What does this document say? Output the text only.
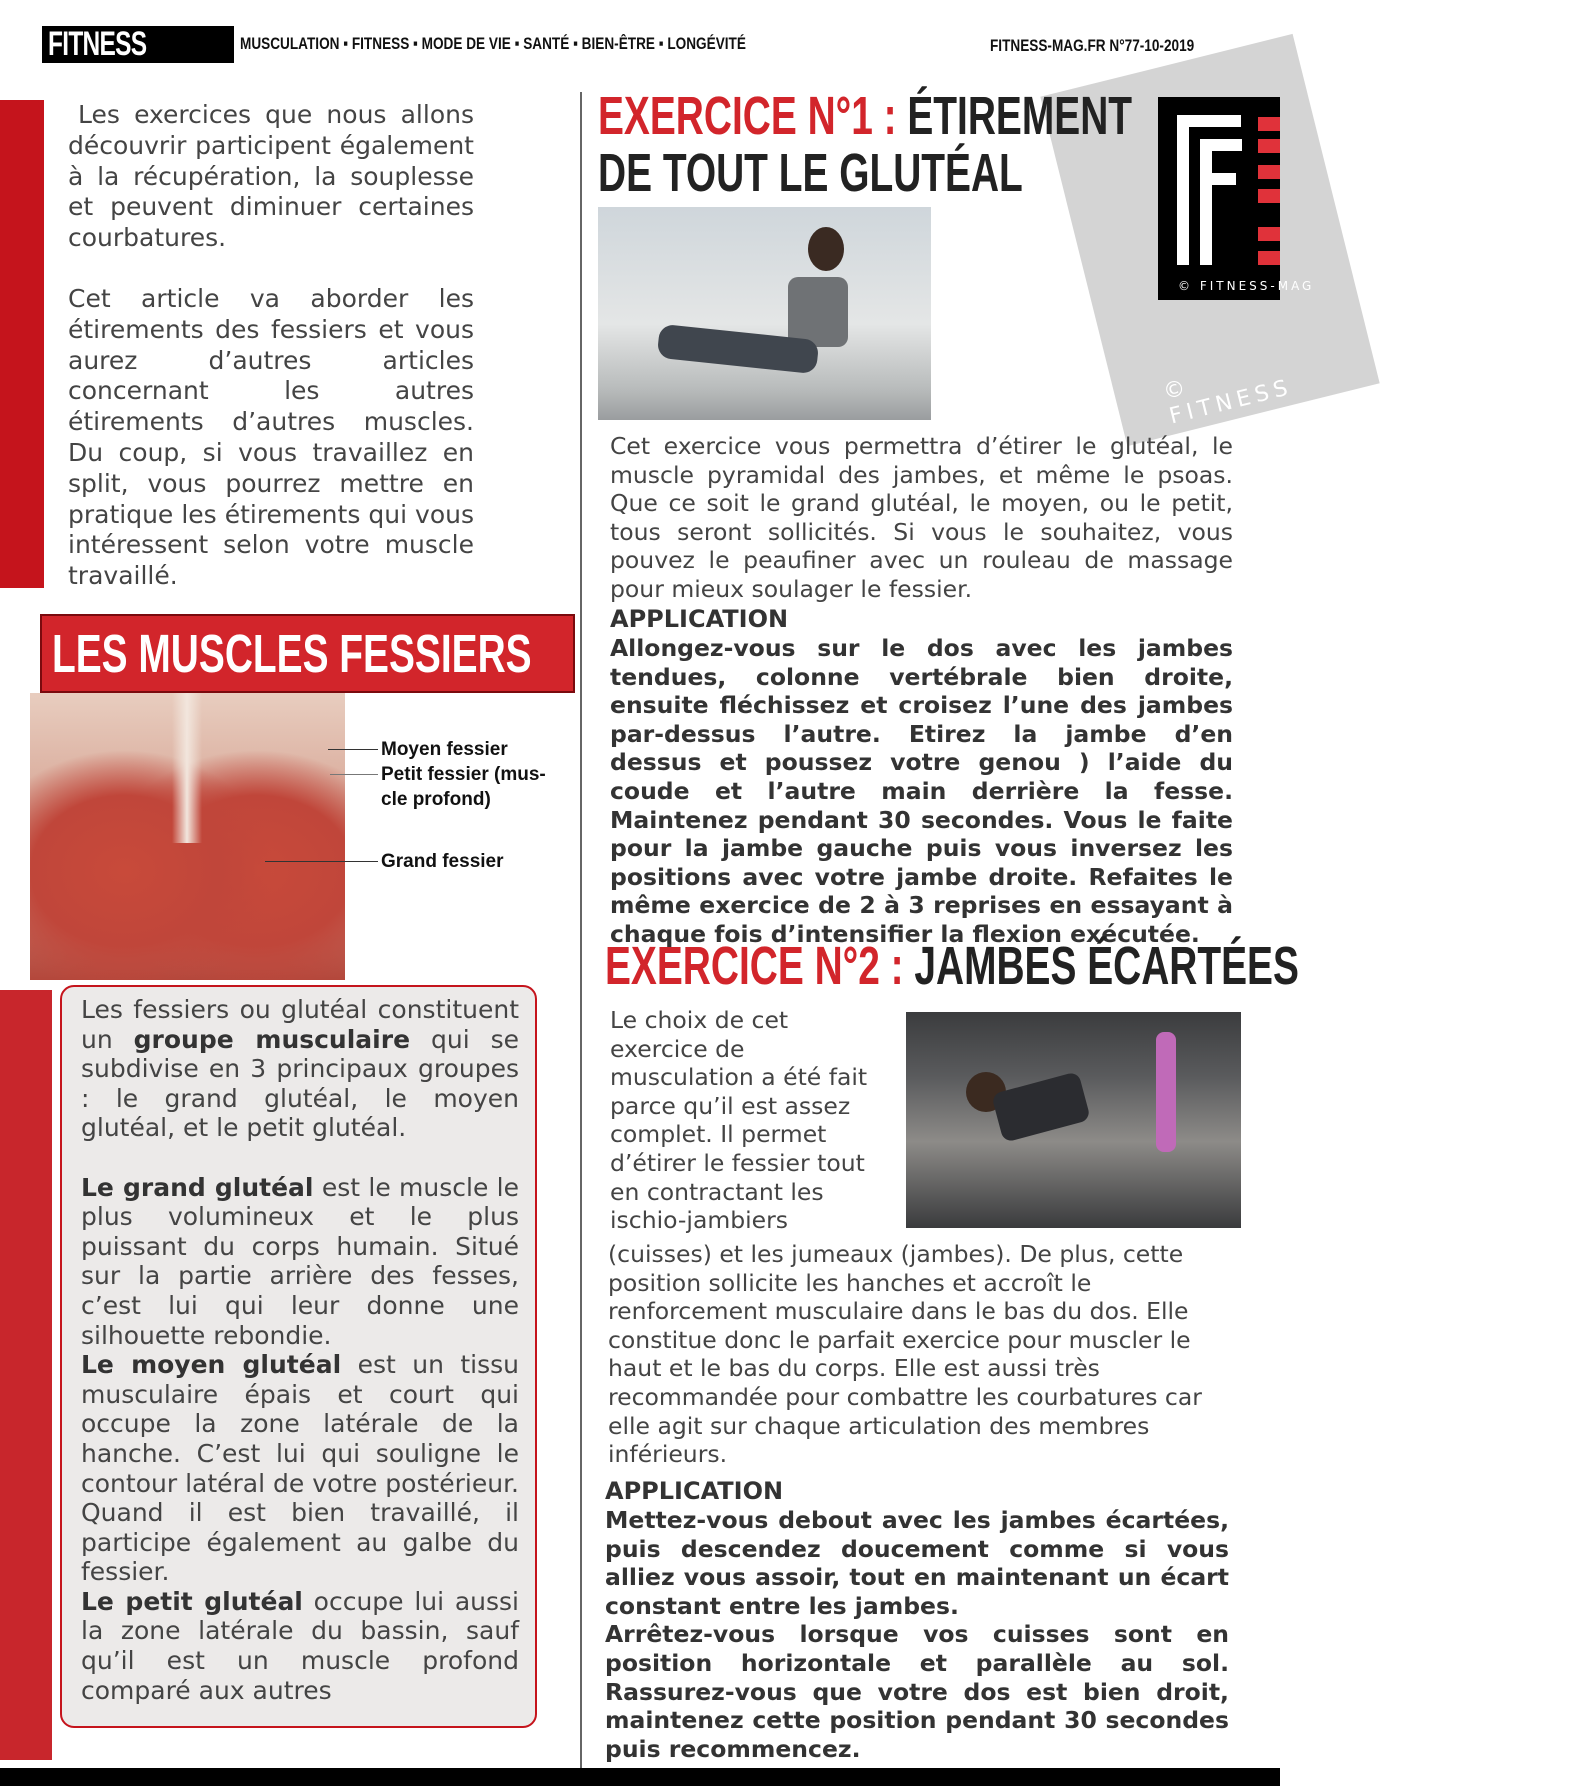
FITNESS MAG
MUSCULATION ▪ FITNESS ▪ MODE DE VIE ▪ SANTÉ ▪ BIEN-ÊTRE ▪ LONGÉVITÉ	FITNESS-MAG.FR N°77-10-2019

Les exercices que nous allons découvrir participent également à la récupération, la souplesse et peuvent diminuer certaines courbatures.

Cet article va aborder les étirements des fessiers et vous aurez d’autres articles concernant les autres étirements d’autres muscles. Du coup, si vous travaillez en split, vous pourrez mettre en pratique les étirements qui vous intéressent selon votre muscle travaillé.

LES MUSCLES FESSIERS
Moyen fessier
Petit fessier (mus-
cle profond)
Grand fessier

Les fessiers ou glutéal constituent un groupe musculaire qui se subdivise en 3 principaux groupes : le grand glutéal, le moyen glutéal, et le petit glutéal.

Le grand glutéal est le muscle le plus volumineux et le plus puissant du corps humain. Situé sur la partie arrière des fesses, c’est lui qui leur donne une silhouette rebondie.

Le moyen glutéal est un tissu musculaire épais et court qui occupe la zone latérale de la hanche. C’est lui qui souligne le contour latéral de votre postérieur. Quand il est bien travaillé, il participe également au galbe du fessier.

Le petit glutéal occupe lui aussi la zone latérale du bassin, sauf qu’il est un muscle profond comparé aux autres

© FITNESS
© FITNESS-MAG
EXERCICE N°1 : ÉTIREMENT
DE TOUT LE GLUTÉAL
Cet exercice vous permettra d’étirer le glutéal, le muscle pyramidal des jambes, et même le psoas. Que ce soit le grand glutéal, le moyen, ou le petit, tous seront sollicités. Si vous le souhaitez, vous pouvez le peaufiner avec un rouleau de massage pour mieux soulager le fessier.
APPLICATION
Allongez-vous sur le dos avec les jambes tendues, colonne vertébrale bien droite, ensuite fléchissez et croisez l’une des jambes par-dessus l’autre. Etirez la jambe d’en dessus et poussez votre genou ) l’aide du coude et l’autre main derrière la fesse. Maintenez pendant 30 secondes. Vous le faite pour la jambe gauche puis vous inversez les positions avec votre jambe droite. Refaites le même exercice de 2 à 3 reprises en essayant à chaque fois d’intensifier la flexion exécutée.
EXERCICE N°2 : JAMBES ÉCARTÉES
Le choix de cet exercice de musculation a été fait parce qu’il est assez complet. Il permet d’étirer le fessier tout en contractant les ischio-jambiers
(cuisses) et les jumeaux (jambes). De plus, cette position sollicite les hanches et accroît le renforcement musculaire dans le bas du dos. Elle constitue donc le parfait exercice pour muscler le haut et le bas du corps. Elle est aussi très recommandée pour combattre les courbatures car elle agit sur chaque articulation des membres inférieurs.
APPLICATION

Mettez-vous debout avec les jambes écartées, puis descendez doucement comme si vous alliez vous assoir, tout en maintenant un écart constant entre les jambes.

Arrêtez-vous lorsque vos cuisses sont en position horizontale et parallèle au sol. Rassurez-vous que votre dos est bien droit, maintenez cette position pendant 30 secondes puis recommencez.
